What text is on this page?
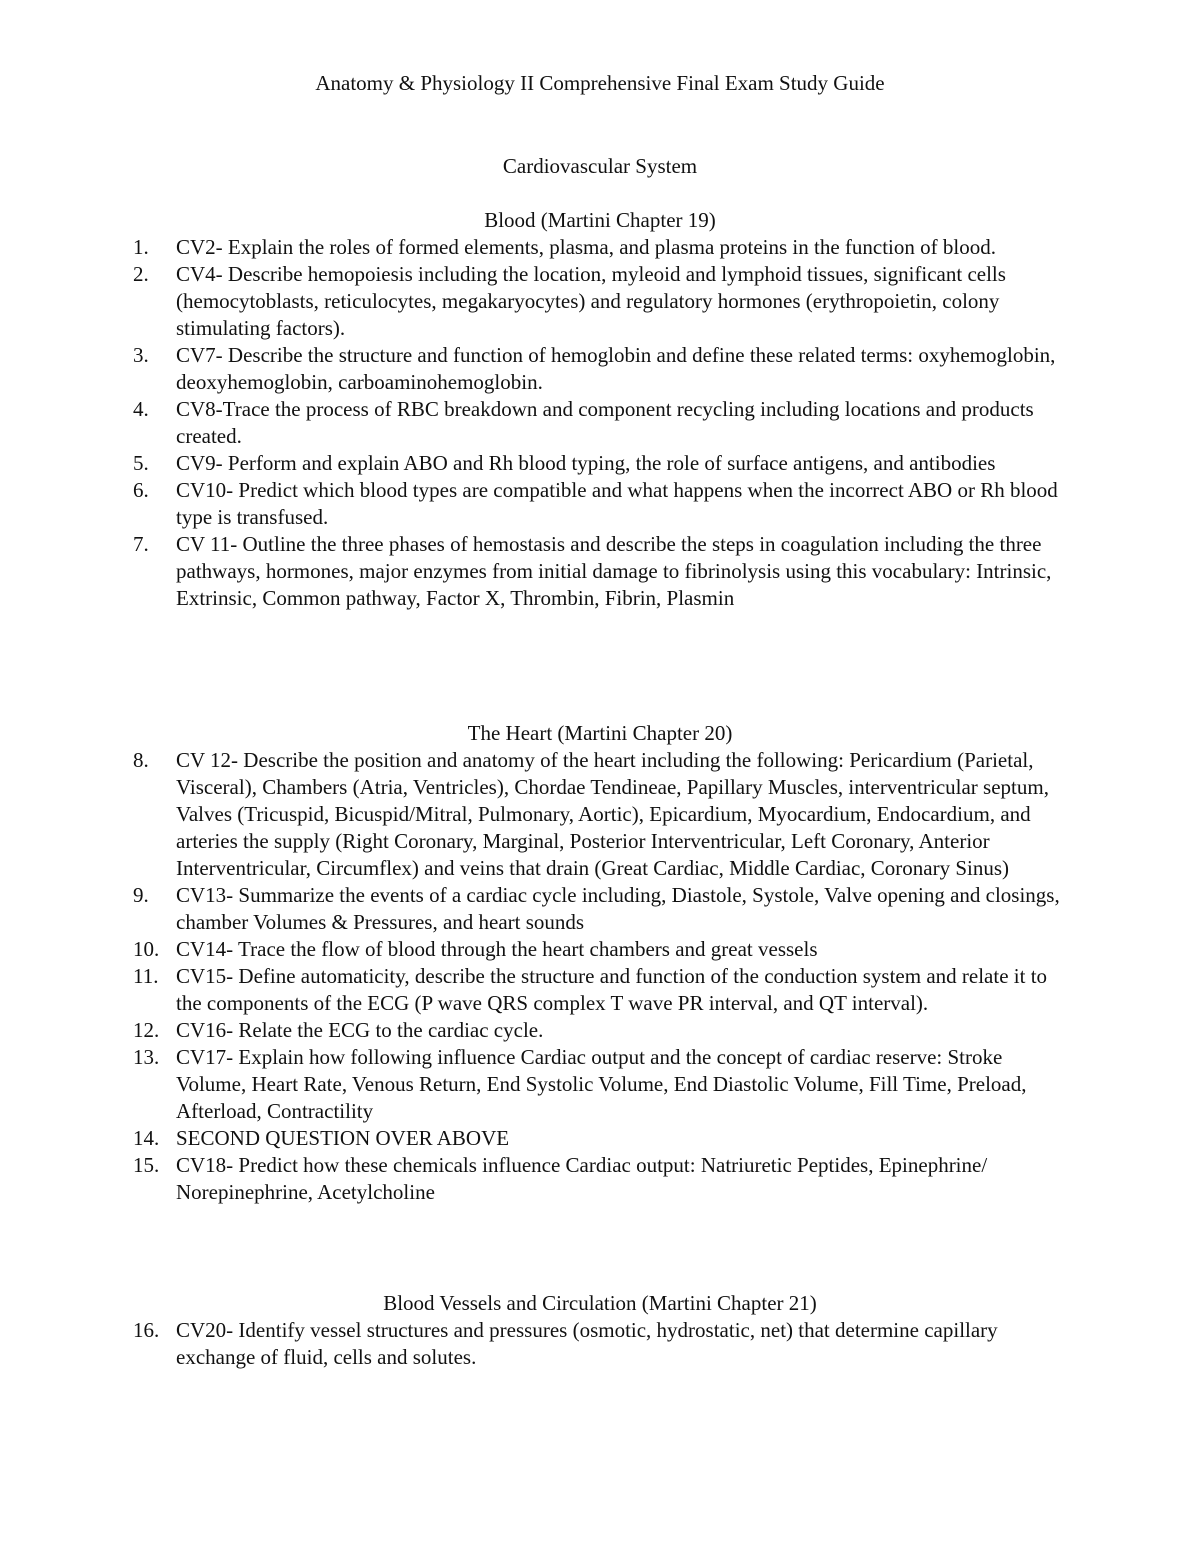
Anatomy & Physiology II Comprehensive Final Exam Study Guide
Cardiovascular System
Blood (Martini Chapter 19)
1.	CV2- Explain the roles of formed elements, plasma, and plasma proteins in the function of blood.
2.	CV4- Describe hemopoiesis including the location, myleoid and lymphoid tissues, significant cells (hemocytoblasts, reticulocytes, megakaryocytes) and regulatory hormones (erythropoietin, colony stimulating factors).
3.	CV7- Describe the structure and function of hemoglobin and define these related terms: oxyhemoglobin, deoxyhemoglobin, carboaminohemoglobin.
4.	CV8-Trace the process of RBC breakdown and component recycling including locations and products created.
5.	CV9- Perform and explain ABO and Rh blood typing, the role of surface antigens, and antibodies
6.	CV10- Predict which blood types are compatible and what happens when the incorrect ABO or Rh blood type is transfused.
7.	CV 11- Outline the three phases of hemostasis and describe the steps in coagulation including the three pathways, hormones, major enzymes from initial damage to fibrinolysis using this vocabulary: Intrinsic, Extrinsic, Common pathway, Factor X, Thrombin, Fibrin, Plasmin
The Heart (Martini Chapter 20)
8.	CV 12- Describe the position and anatomy of the heart including the following: Pericardium (Parietal, Visceral), Chambers (Atria, Ventricles), Chordae Tendineae, Papillary Muscles, interventricular septum, Valves (Tricuspid, Bicuspid/Mitral, Pulmonary, Aortic), Epicardium, Myocardium, Endocardium, and arteries the supply (Right Coronary, Marginal, Posterior Interventricular, Left Coronary, Anterior Interventricular, Circumflex) and veins that drain (Great Cardiac, Middle Cardiac, Coronary Sinus)
9.	CV13- Summarize the events of a cardiac cycle including, Diastole, Systole, Valve opening and closings, chamber Volumes & Pressures, and heart sounds
10. CV14- Trace the flow of blood through the heart chambers and great vessels
11. CV15- Define automaticity, describe the structure and function of the conduction system and relate it to the components of the ECG (P wave QRS complex T wave PR interval, and QT interval).
12. CV16- Relate the ECG to the cardiac cycle.
13. CV17- Explain how following influence Cardiac output and the concept of cardiac reserve: Stroke Volume, Heart Rate, Venous Return, End Systolic Volume, End Diastolic Volume, Fill Time, Preload, Afterload, Contractility
14. SECOND QUESTION OVER ABOVE
15. CV18- Predict how these chemicals influence Cardiac output: Natriuretic Peptides, Epinephrine/ Norepinephrine, Acetylcholine
Blood Vessels and Circulation (Martini Chapter 21)
16. CV20- Identify vessel structures and pressures (osmotic, hydrostatic, net) that determine capillary exchange of fluid, cells and solutes.
